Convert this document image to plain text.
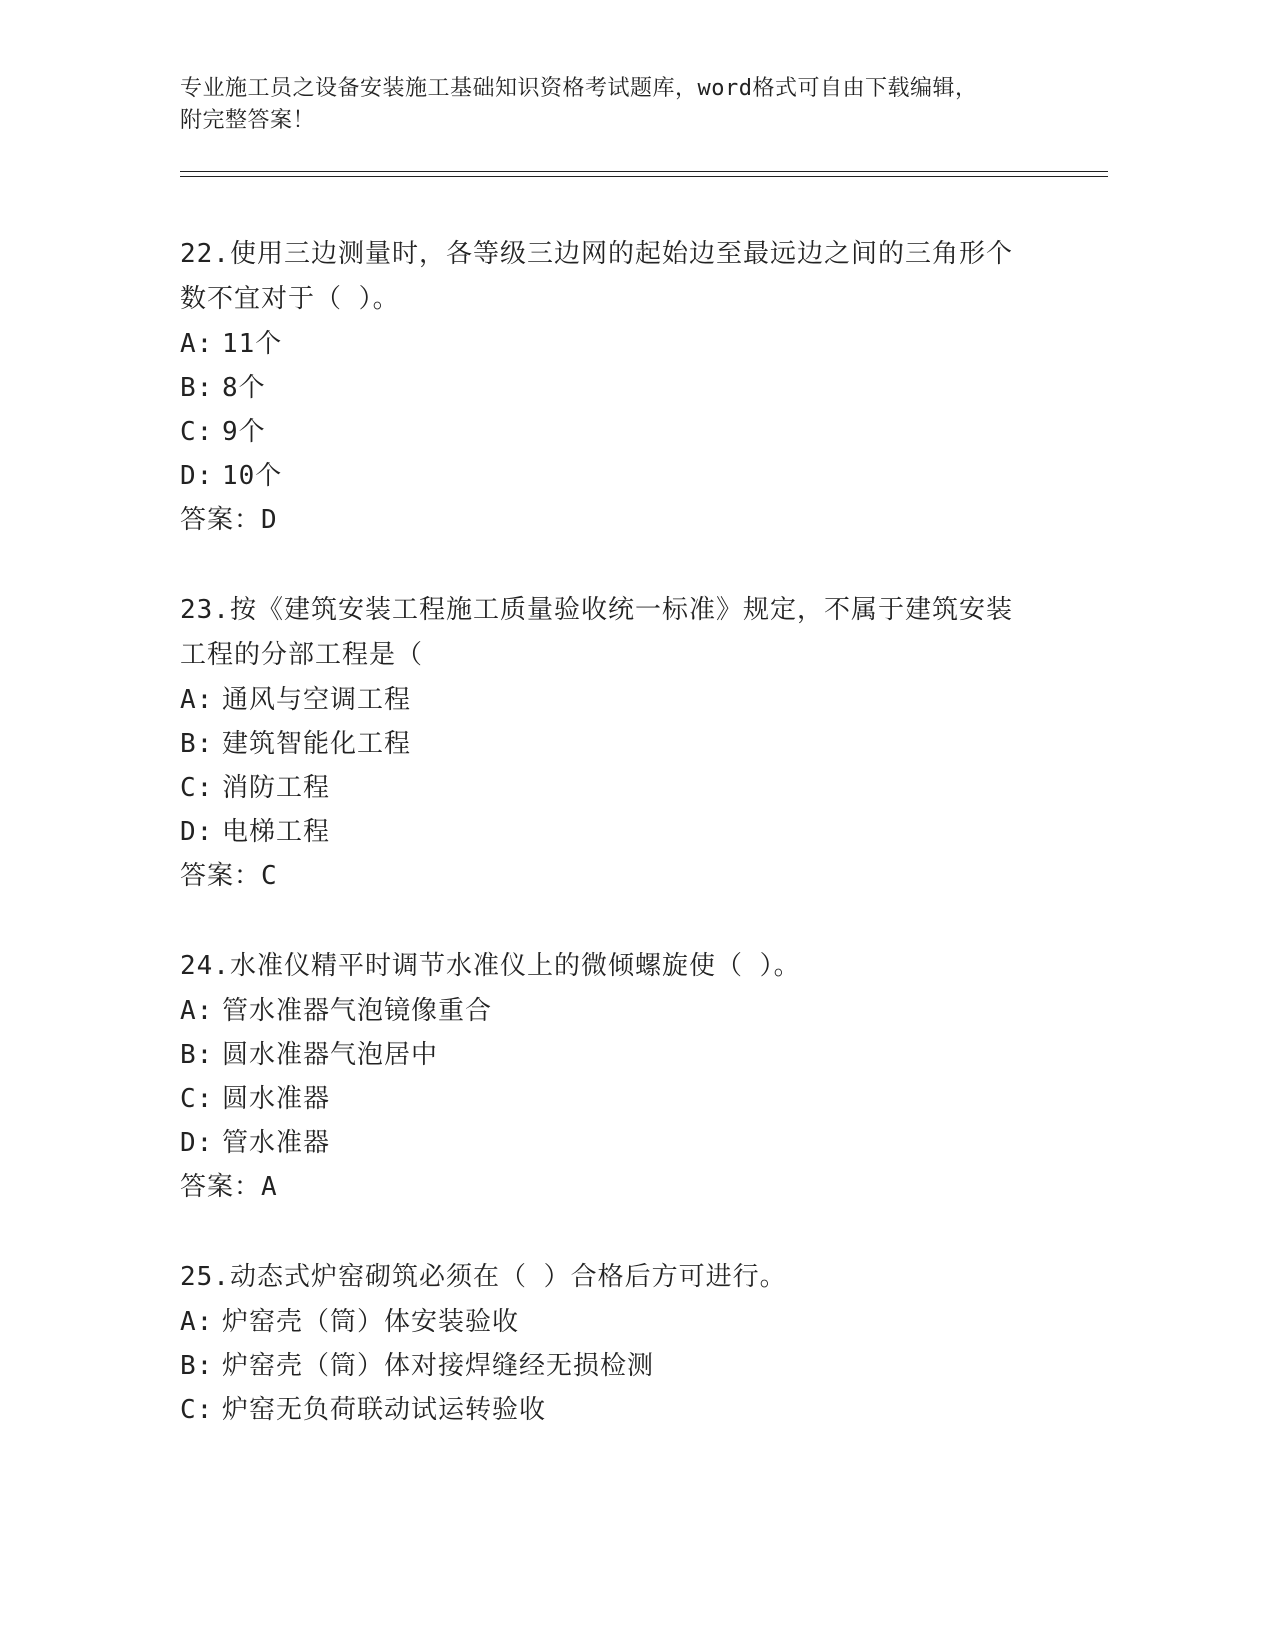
专业施工员之设备安装施工基础知识资格考试题库，word格式可自由下载编辑，
附完整答案！
22.使用三边测量时，各等级三边网的起始边至最远边之间的三角形个
数不宜对于（ ）。
A: 11个
B: 8个
C: 9个
D: 10个
答案：D
23.按《建筑安装工程施工质量验收统一标准》规定，不属于建筑安装
工程的分部工程是（
A: 通风与空调工程
B: 建筑智能化工程
C: 消防工程
D: 电梯工程
答案：C
24.水准仪精平时调节水准仪上的微倾螺旋使（ ）。
A: 管水准器气泡镜像重合
B: 圆水准器气泡居中
C: 圆水准器
D: 管水准器
答案：A
25.动态式炉窑砌筑必须在（ ）合格后方可进行。
A: 炉窑壳（筒）体安装验收
B: 炉窑壳（筒）体对接焊缝经无损检测
C: 炉窑无负荷联动试运转验收
